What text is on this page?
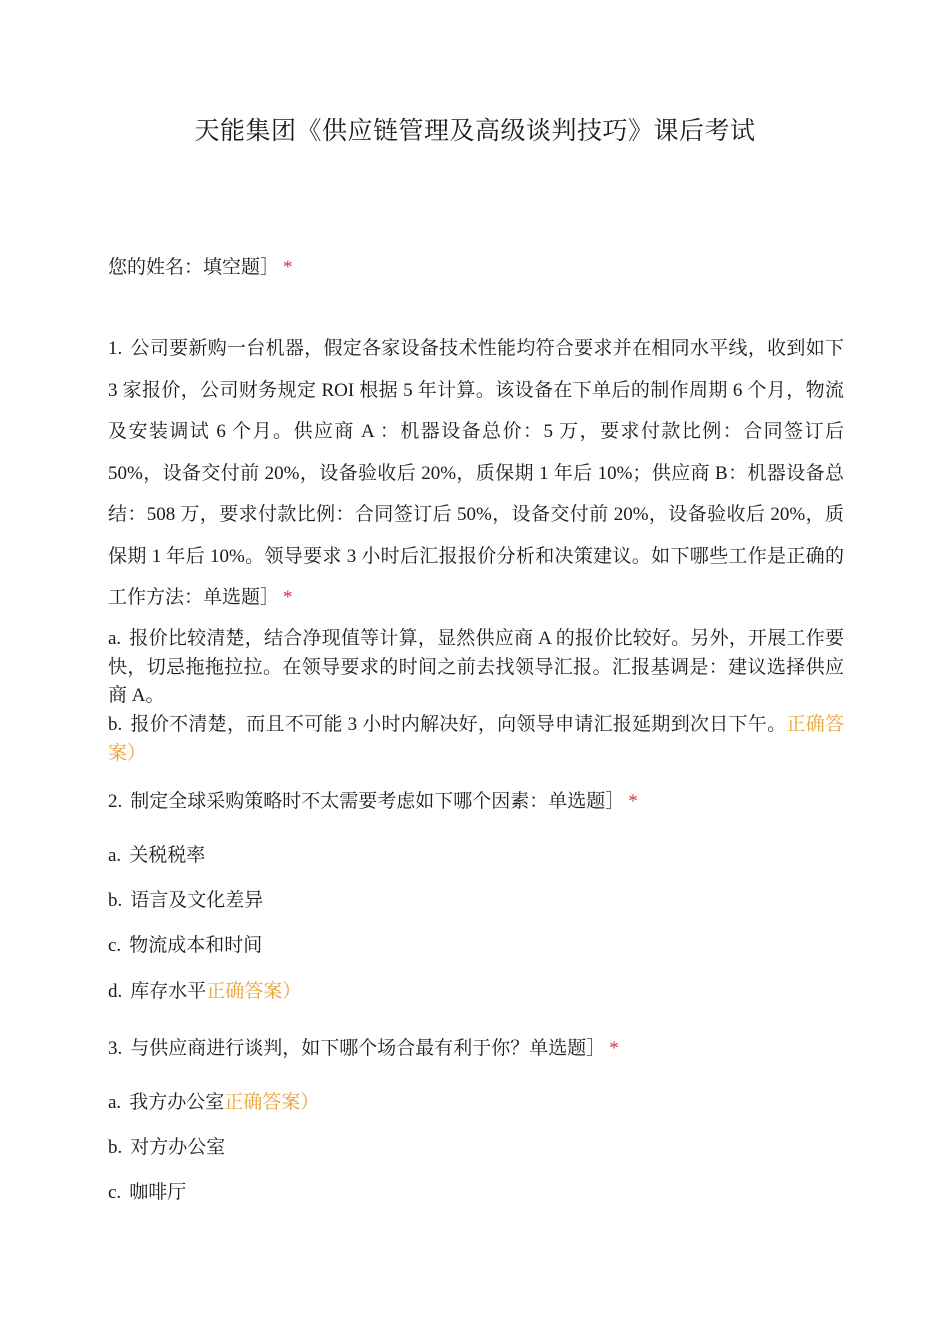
天能集团《供应链管理及高级谈判技巧》课后考试
您的姓名：填空题］ *
1. 公司要新购一台机器，假定各家设备技术性能均符合要求并在相同水平线，收到如下 3 家报价，公司财务规定 ROI 根据 5 年计算。该设备在下单后的制作周期 6 个月，物流及安装调试 6 个月。供应商 A ：机器设备总价：5 万，要求付款比例：合同签订后 50%，设备交付前 20%，设备验收后 20%，质保期 1 年后 10%；供应商 B：机器设备总结：508 万，要求付款比例：合同签订后 50%，设备交付前 20%，设备验收后 20%，质保期 1 年后 10%。领导要求 3 小时后汇报报价分析和决策建议。如下哪些工作是正确的工作方法：单选题］ *
a. 报价比较清楚，结合净现值等计算，显然供应商 A 的报价比较好。另外，开展工作要快，切忌拖拖拉拉。在领导要求的时间之前去找领导汇报。汇报基调是：建议选择供应商 A。
b. 报价不清楚，而且不可能 3 小时内解决好，向领导申请汇报延期到次日下午。正确答案）
2. 制定全球采购策略时不太需要考虑如下哪个因素：单选题］ *
a. 关税税率
b. 语言及文化差异
c. 物流成本和时间
d. 库存水平正确答案）
3. 与供应商进行谈判，如下哪个场合最有利于你？单选题］ *
a. 我方办公室正确答案）
b. 对方办公室
c. 咖啡厅
